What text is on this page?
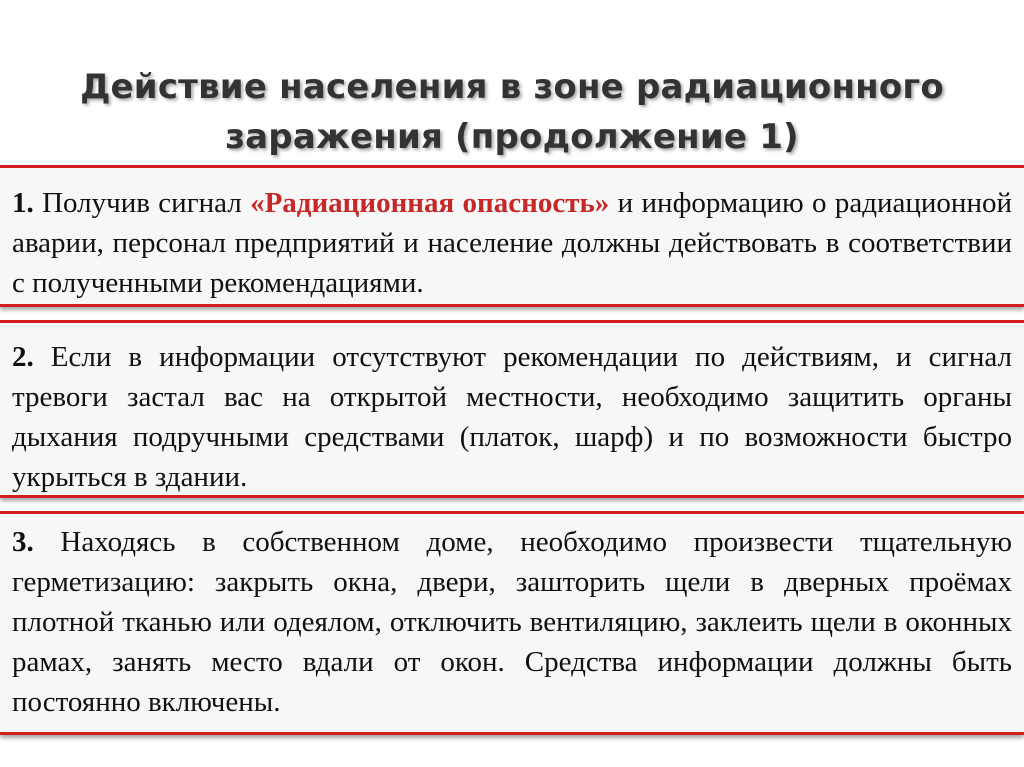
Действие населения в зоне радиационного
заражения (продолжение 1)

1. Получив сигнал «Радиационная опасность» и информацию о радиационной аварии, персонал предприятий и население должны действовать в соответствии с полученными рекомендациями.

2. Если в информации отсутствуют рекомендации по действиям, и сигнал тревоги застал вас на открытой местности, необходимо защитить органы дыхания подручными средствами (платок, шарф) и по возможности быстро укрыться в здании.

3. Находясь в собственном доме, необходимо произвести тщательную герметизацию: закрыть окна, двери, зашторить щели в дверных проёмах плотной тканью или одеялом, отключить вентиляцию, заклеить щели в оконных рамах, занять место вдали от окон. Средства информации должны быть постоянно включены.
